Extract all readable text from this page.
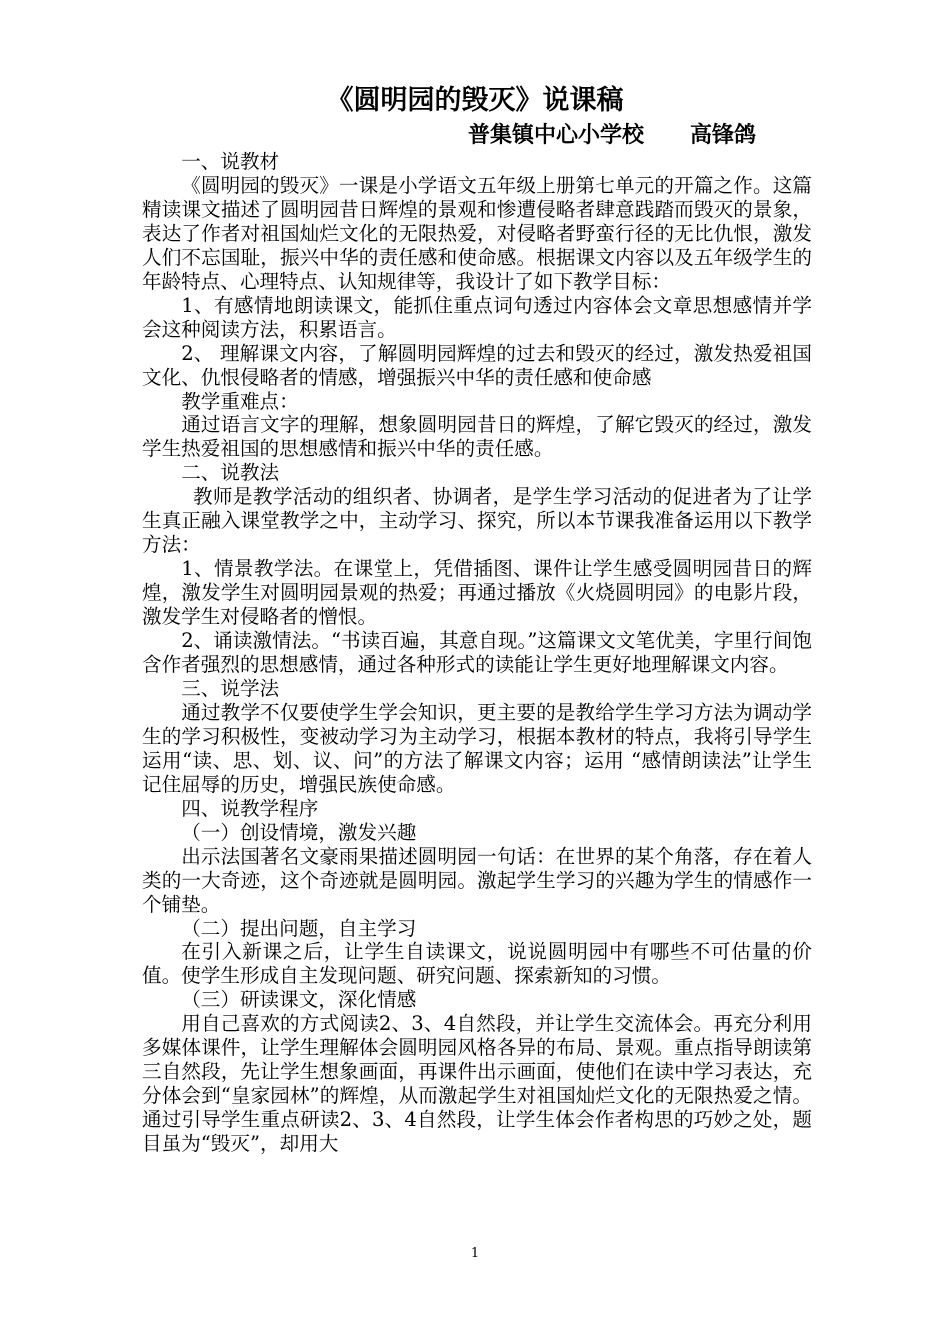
《圆明园的毁灭》说课稿
普集镇中心小学校      高锋鸽

一、说教材

《圆明园的毁灭》一课是小学语文五年级上册第七单元的开篇之作。这篇精读课文描述了圆明园昔日辉煌的景观和惨遭侵略者肆意践踏而毁灭的景象，表达了作者对祖国灿烂文化的无限热爱，对侵略者野蛮行径的无比仇恨，激发人们不忘国耻，振兴中华的责任感和使命感。根据课文内容以及五年级学生的年龄特点、心理特点、认知规律等，我设计了如下教学目标：

1、有感情地朗读课文，能抓住重点词句透过内容体会文章思想感情并学会这种阅读方法，积累语言。

2、 理解课文内容，了解圆明园辉煌的过去和毁灭的经过，激发热爱祖国文化、仇恨侵略者的情感，增强振兴中华的责任感和使命感

教学重难点：

通过语言文字的理解，想象圆明园昔日的辉煌，了解它毁灭的经过，激发学生热爱祖国的思想感情和振兴中华的责任感。

二、说教法

教师是教学活动的组织者、协调者，是学生学习活动的促进者为了让学生真正融入课堂教学之中，主动学习、探究，所以本节课我准备运用以下教学方法：

1、情景教学法。在课堂上，凭借插图、课件让学生感受圆明园昔日的辉煌，激发学生对圆明园景观的热爱；再通过播放《火烧圆明园》的电影片段，激发学生对侵略者的憎恨。

2、诵读激情法。“书读百遍，其意自现。”这篇课文文笔优美，字里行间饱含作者强烈的思想感情，通过各种形式的读能让学生更好地理解课文内容。

三、说学法

通过教学不仅要使学生学会知识，更主要的是教给学生学习方法为调动学生的学习积极性，变被动学习为主动学习，根据本教材的特点，我将引导学生运用“读、思、划、议、问”的方法了解课文内容；运用 “感情朗读法”让学生记住屈辱的历史，增强民族使命感。

四、说教学程序

（一）创设情境，激发兴趣

出示法国著名文豪雨果描述圆明园一句话：在世界的某个角落，存在着人类的一大奇迹，这个奇迹就是圆明园。激起学生学习的兴趣为学生的情感作一个铺垫。

（二）提出问题，自主学习

在引入新课之后，让学生自读课文，说说圆明园中有哪些不可估量的价值。使学生形成自主发现问题、研究问题、探索新知的习惯。

（三）研读课文，深化情感

用自己喜欢的方式阅读2、3、4自然段，并让学生交流体会。再充分利用多媒体课件，让学生理解体会圆明园风格各异的布局、景观。重点指导朗读第三自然段，先让学生想象画面，再课件出示画面，使他们在读中学习表达，充分体会到“皇家园林”的辉煌，从而激起学生对祖国灿烂文化的无限热爱之情。通过引导学生重点研读2、3、4自然段，让学生体会作者构思的巧妙之处，题目虽为“毁灭”，却用大

1
